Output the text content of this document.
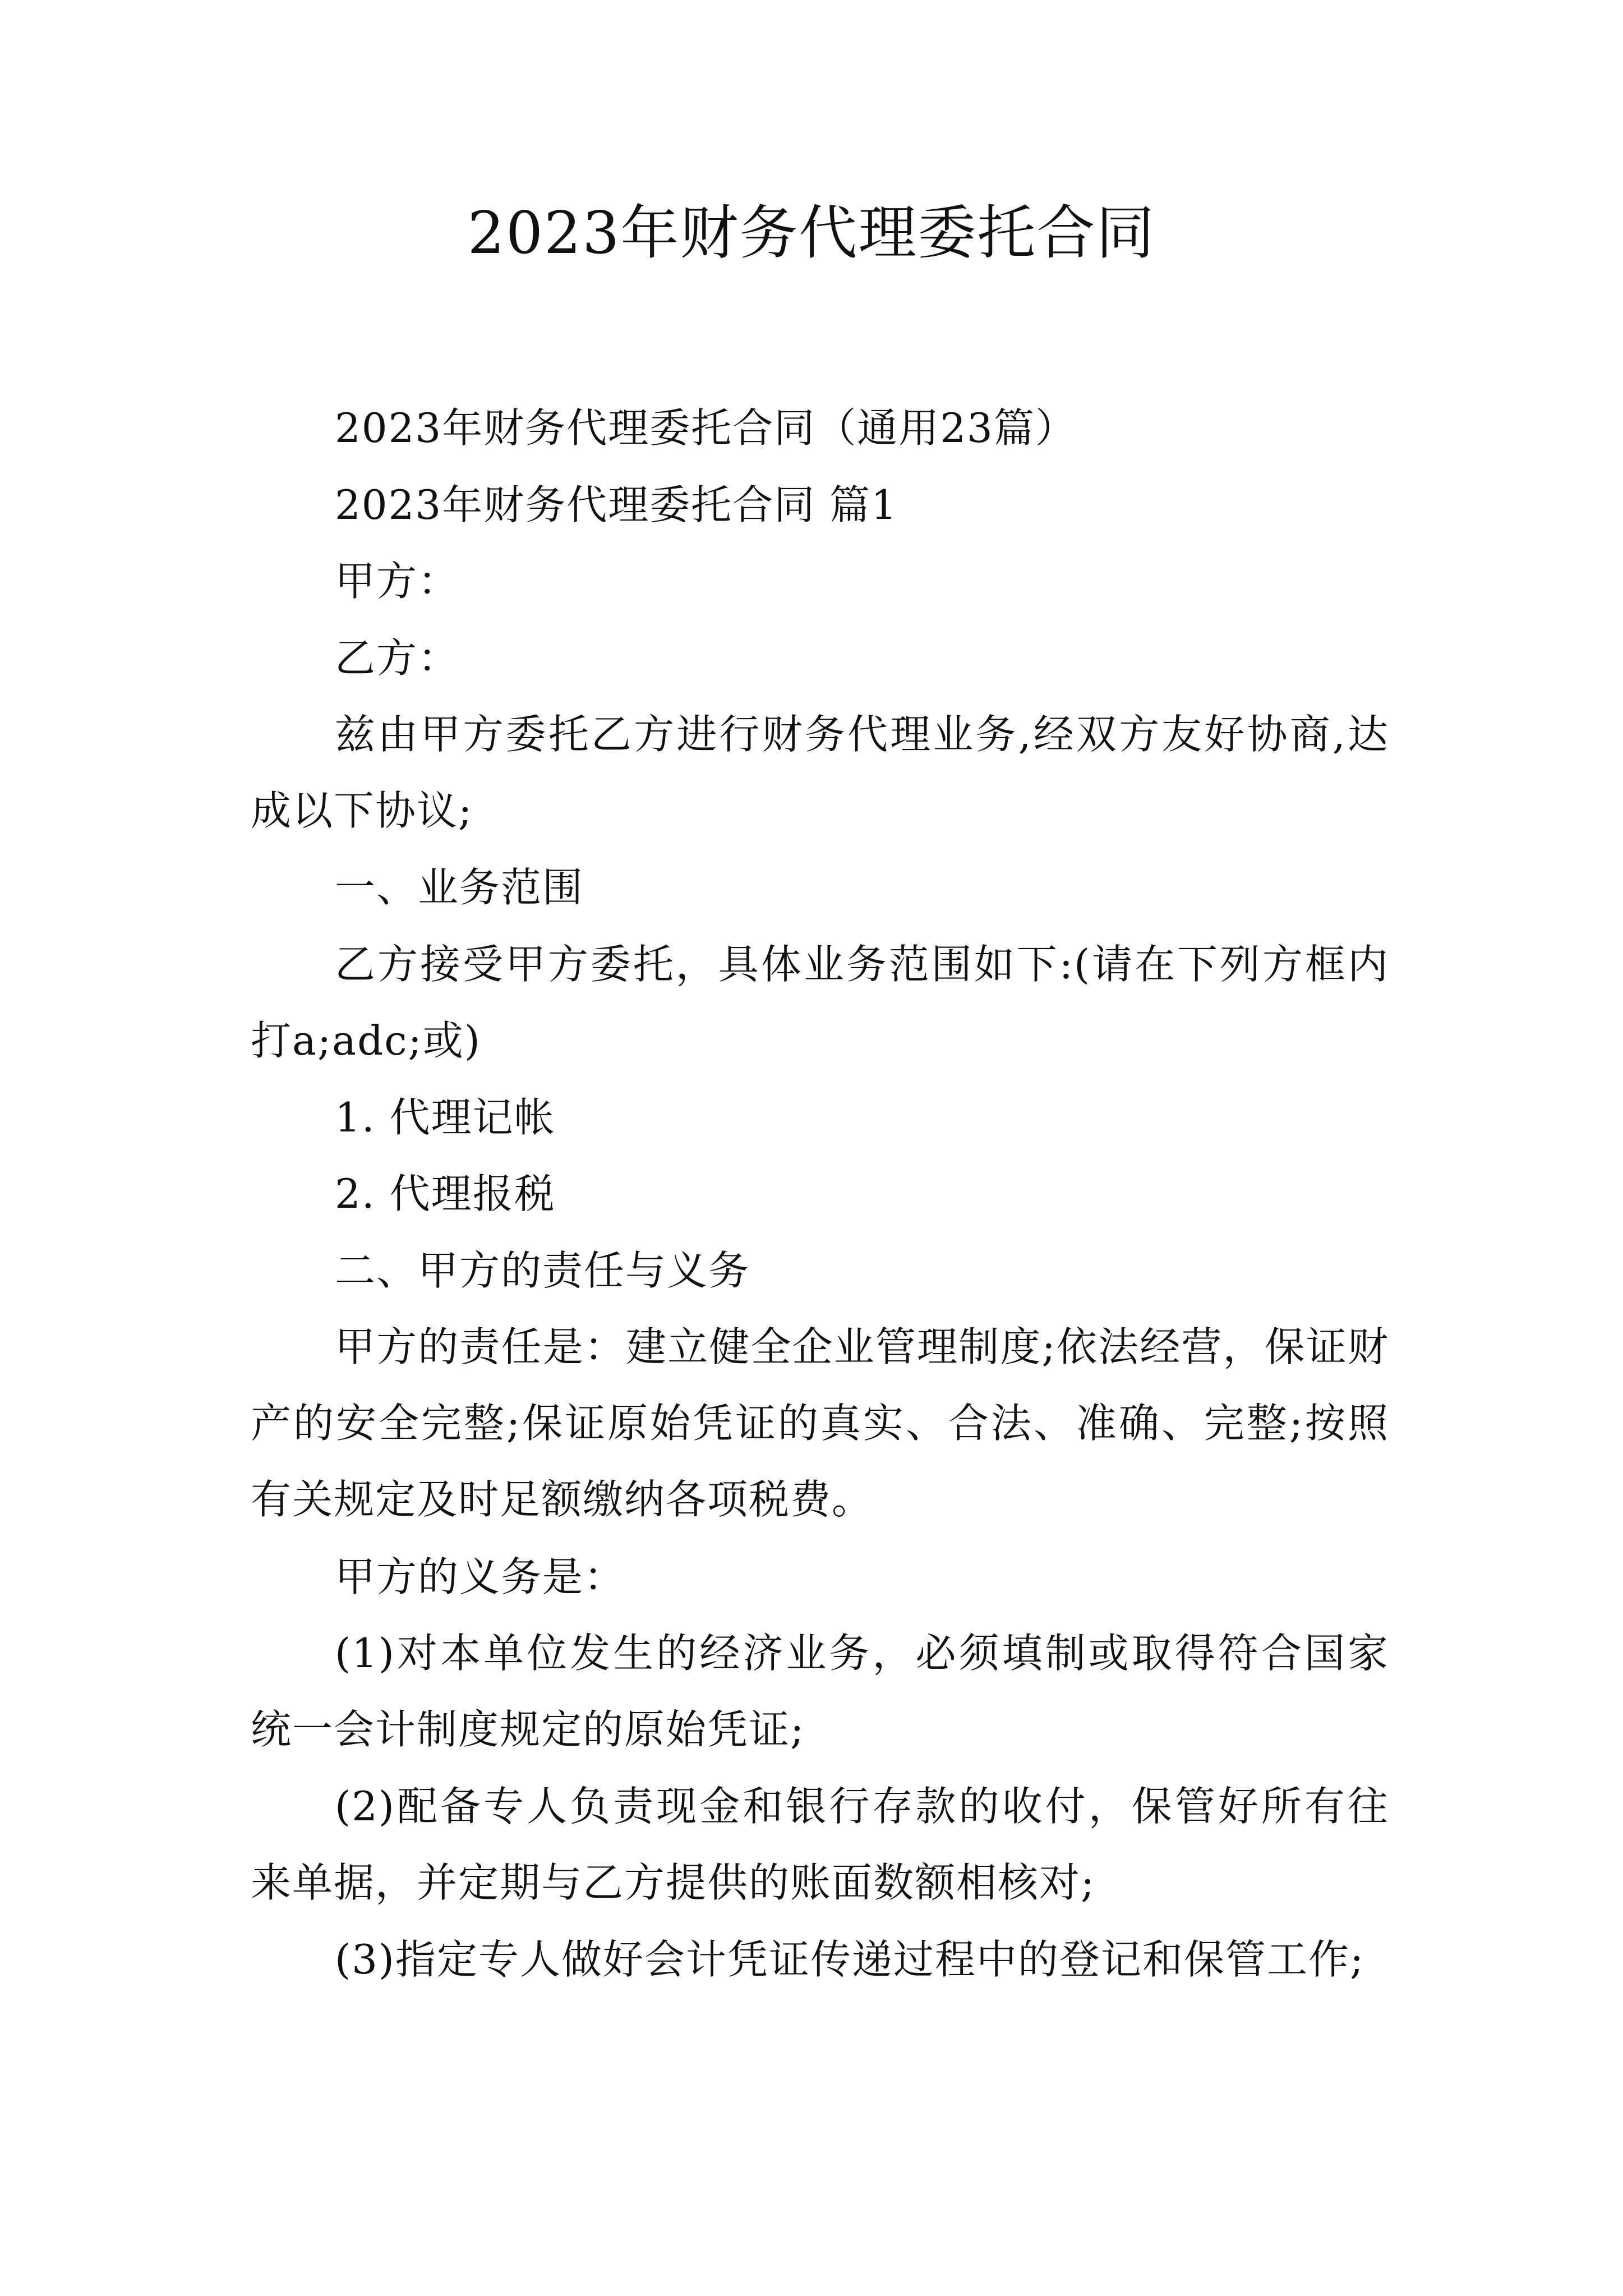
2023年财务代理委托合同

2023年财务代理委托合同（通用23篇）

2023年财务代理委托合同 篇1

甲方：

乙方：

兹由甲方委托乙方进行财务代理业务,经双方友好协商,达成以下协议;

一、业务范围

乙方接受甲方委托，具体业务范围如下:(请在下列方框内打a;adc;或)

1. 代理记帐

2. 代理报税

二、甲方的责任与义务

甲方的责任是：建立健全企业管理制度;依法经营，保证财产的安全完整;保证原始凭证的真实、合法、准确、完整;按照有关规定及时足额缴纳各项税费。

甲方的义务是：

(1)对本单位发生的经济业务，必须填制或取得符合国家统一会计制度规定的原始凭证;

(2)配备专人负责现金和银行存款的收付，保管好所有往来单据，并定期与乙方提供的账面数额相核对;

(3)指定专人做好会计凭证传递过程中的登记和保管工作;
